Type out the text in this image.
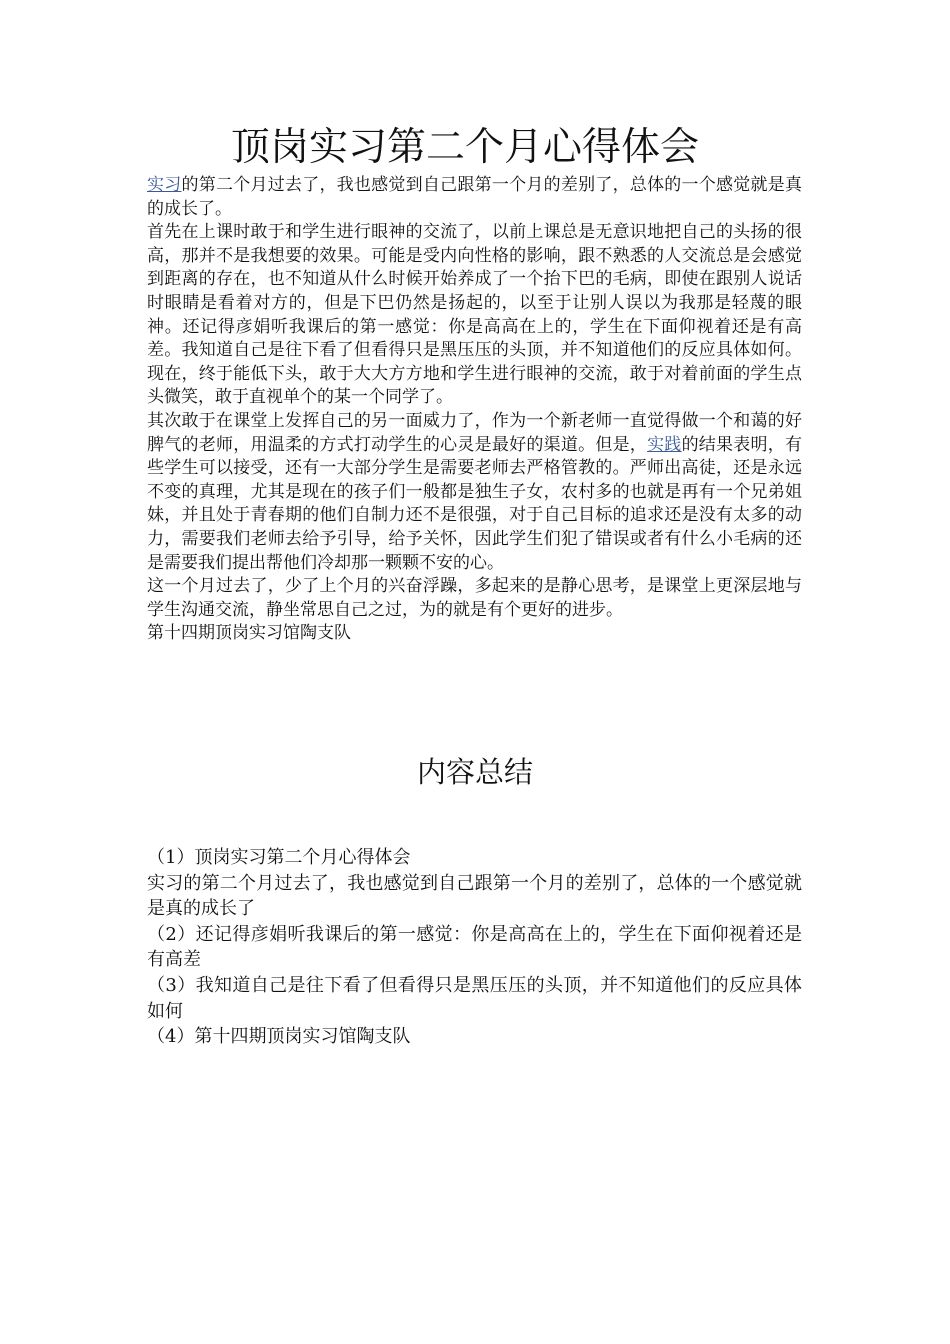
顶岗实习第二个月心得体会

实习的第二个月过去了，我也感觉到自己跟第一个月的差别了，总体的一个感觉就是真的成长了。

首先在上课时敢于和学生进行眼神的交流了，以前上课总是无意识地把自己的头扬的很高，那并不是我想要的效果。可能是受内向性格的影响，跟不熟悉的人交流总是会感觉到距离的存在，也不知道从什么时候开始养成了一个抬下巴的毛病，即使在跟别人说话时眼睛是看着对方的，但是下巴仍然是扬起的，以至于让别人误以为我那是轻蔑的眼神。还记得彦娟听我课后的第一感觉：你是高高在上的，学生在下面仰视着还是有高差。我知道自己是往下看了但看得只是黑压压的头顶，并不知道他们的反应具体如何。现在，终于能低下头，敢于大大方方地和学生进行眼神的交流，敢于对着前面的学生点头微笑，敢于直视单个的某一个同学了。

其次敢于在课堂上发挥自己的另一面威力了，作为一个新老师一直觉得做一个和蔼的好脾气的老师，用温柔的方式打动学生的心灵是最好的渠道。但是，实践的结果表明，有些学生可以接受，还有一大部分学生是需要老师去严格管教的。严师出高徒，还是永远不变的真理，尤其是现在的孩子们一般都是独生子女，农村多的也就是再有一个兄弟姐妹，并且处于青春期的他们自制力还不是很强，对于自己目标的追求还是没有太多的动力，需要我们老师去给予引导，给予关怀，因此学生们犯了错误或者有什么小毛病的还是需要我们提出帮他们冷却那一颗颗不安的心。

这一个月过去了，少了上个月的兴奋浮躁，多起来的是静心思考，是课堂上更深层地与学生沟通交流，静坐常思自己之过，为的就是有个更好的进步。

第十四期顶岗实习馆陶支队

内容总结

（1）顶岗实习第二个月心得体会

实习的第二个月过去了，我也感觉到自己跟第一个月的差别了，总体的一个感觉就是真的成长了

（2）还记得彦娟听我课后的第一感觉：你是高高在上的，学生在下面仰视着还是有高差

（3）我知道自己是往下看了但看得只是黑压压的头顶，并不知道他们的反应具体如何

（4）第十四期顶岗实习馆陶支队
